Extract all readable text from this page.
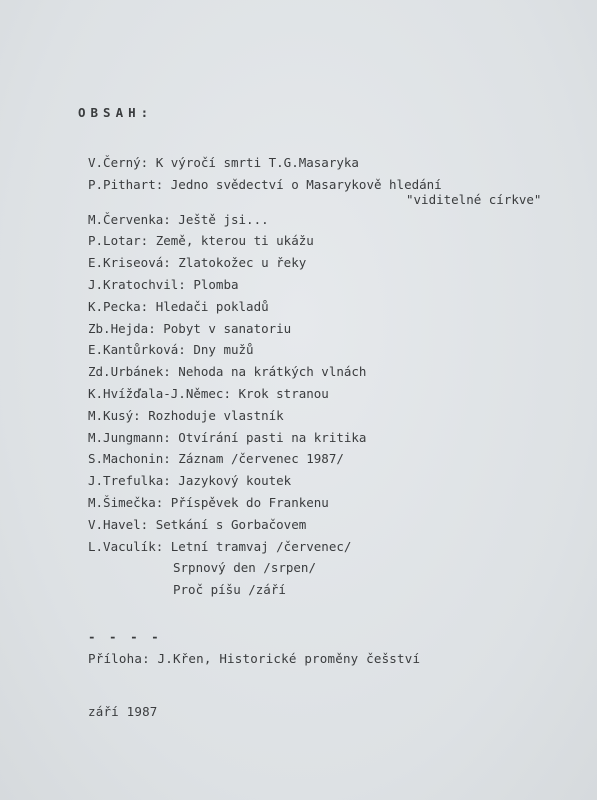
OBSAH:
V.Černý: K výročí smrti T.G.Masaryka
P.Pithart: Jedno svědectví o Masarykově hledání
"viditelné církve"
M.Červenka: Ještě jsi...
P.Lotar: Země, kterou ti ukážu
E.Kriseová: Zlatokožec u řeky
J.Kratochvil: Plomba
K.Pecka: Hledači pokladů
Zb.Hejda: Pobyt v sanatoriu
E.Kantůrková: Dny mužů
Zd.Urbánek: Nehoda na krátkých vlnách
K.Hvížďala-J.Němec: Krok stranou
M.Kusý: Rozhoduje vlastník
M.Jungmann: Otvírání pasti na kritika
S.Machonin: Záznam /červenec 1987/
J.Trefulka: Jazykový koutek
M.Šimečka: Příspěvek do Frankenu
V.Havel: Setkání s Gorbačovem
L.Vaculík: Letní tramvaj /červenec/
Srpnový den /srpen/
Proč píšu /září
- - - -
Příloha: J.Křen, Historické proměny češství
září 1987
